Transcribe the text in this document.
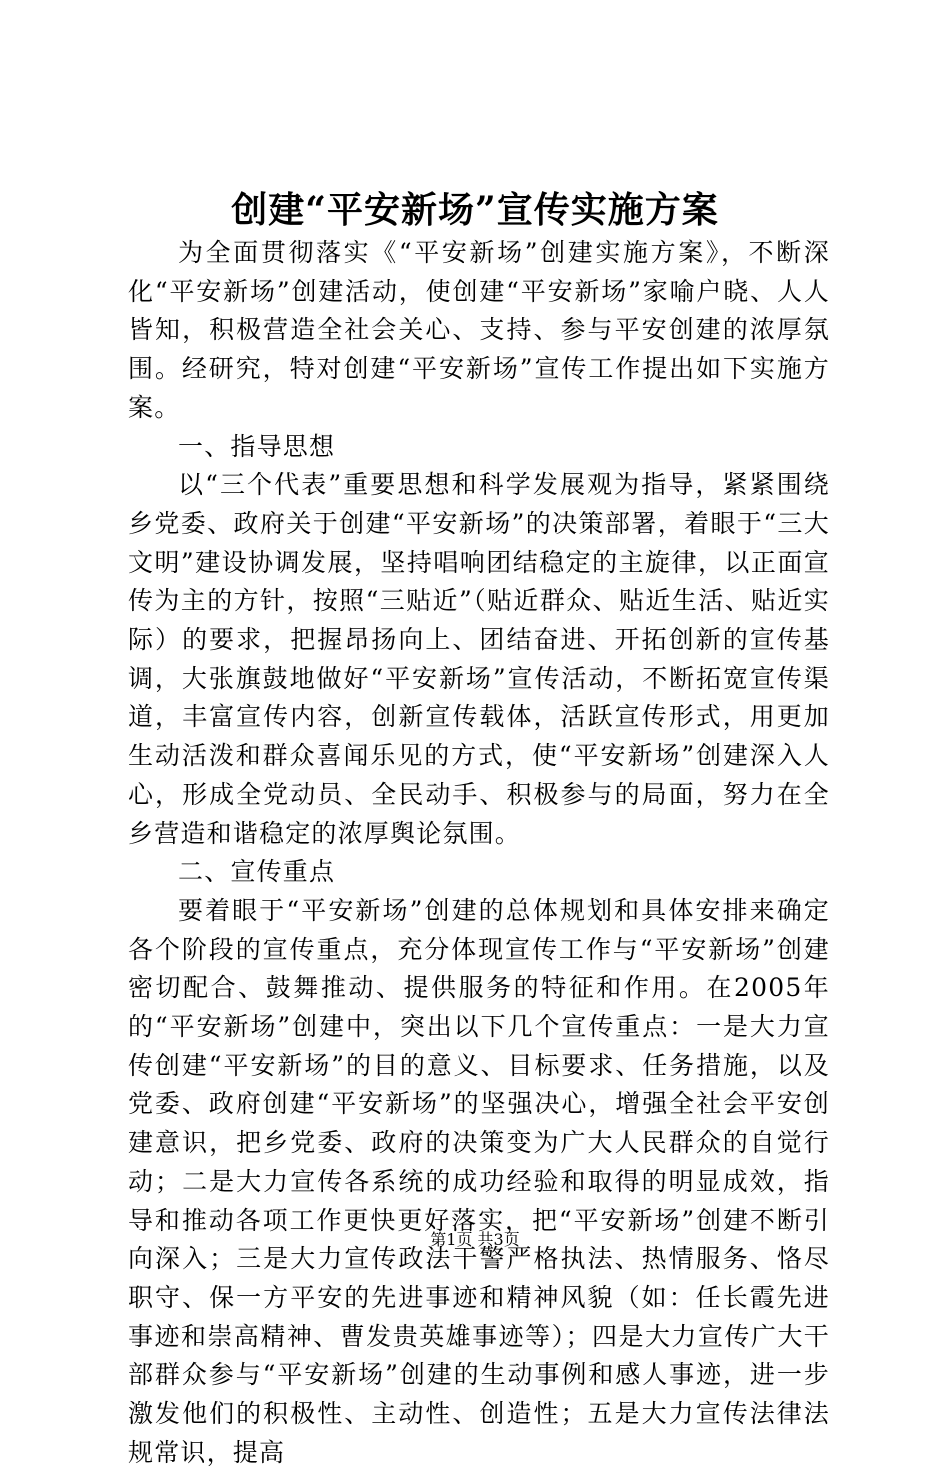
创建“平安新场”宣传实施方案

为全面贯彻落实《“平安新场”创建实施方案》，不断深化“平安新场”创建活动，使创建“平安新场”家喻户晓、人人皆知，积极营造全社会关心、支持、参与平安创建的浓厚氛围。经研究，特对创建“平安新场”宣传工作提出如下实施方案。

一、指导思想

以“三个代表”重要思想和科学发展观为指导，紧紧围绕乡党委、政府关于创建“平安新场”的决策部署，着眼于“三大文明”建设协调发展，坚持唱响团结稳定的主旋律，以正面宣传为主的方针，按照“三贴近”（贴近群众、贴近生活、贴近实际）的要求，把握昂扬向上、团结奋进、开拓创新的宣传基调，大张旗鼓地做好“平安新场”宣传活动，不断拓宽宣传渠道，丰富宣传内容，创新宣传载体，活跃宣传形式，用更加生动活泼和群众喜闻乐见的方式，使“平安新场”创建深入人心，形成全党动员、全民动手、积极参与的局面，努力在全乡营造和谐稳定的浓厚舆论氛围。

二、宣传重点

要着眼于“平安新场”创建的总体规划和具体安排来确定各个阶段的宣传重点，充分体现宣传工作与“平安新场”创建密切配合、鼓舞推动、提供服务的特征和作用。在2005年的“平安新场”创建中，突出以下几个宣传重点：一是大力宣传创建“平安新场”的目的意义、目标要求、任务措施，以及党委、政府创建“平安新场”的坚强决心，增强全社会平安创建意识，把乡党委、政府的决策变为广大人民群众的自觉行动；二是大力宣传各系统的成功经验和取得的明显成效，指导和推动各项工作更快更好落实，把“平安新场”创建不断引向深入；三是大力宣传政法干警严格执法、热情服务、恪尽职守、保一方平安的先进事迹和精神风貌（如：任长霞先进事迹和崇高精神、曹发贵英雄事迹等）；四是大力宣传广大干部群众参与“平安新场”创建的生动事例和感人事迹，进一步激发他们的积极性、主动性、创造性；五是大力宣传法律法规常识，提高

第1页 共3页
